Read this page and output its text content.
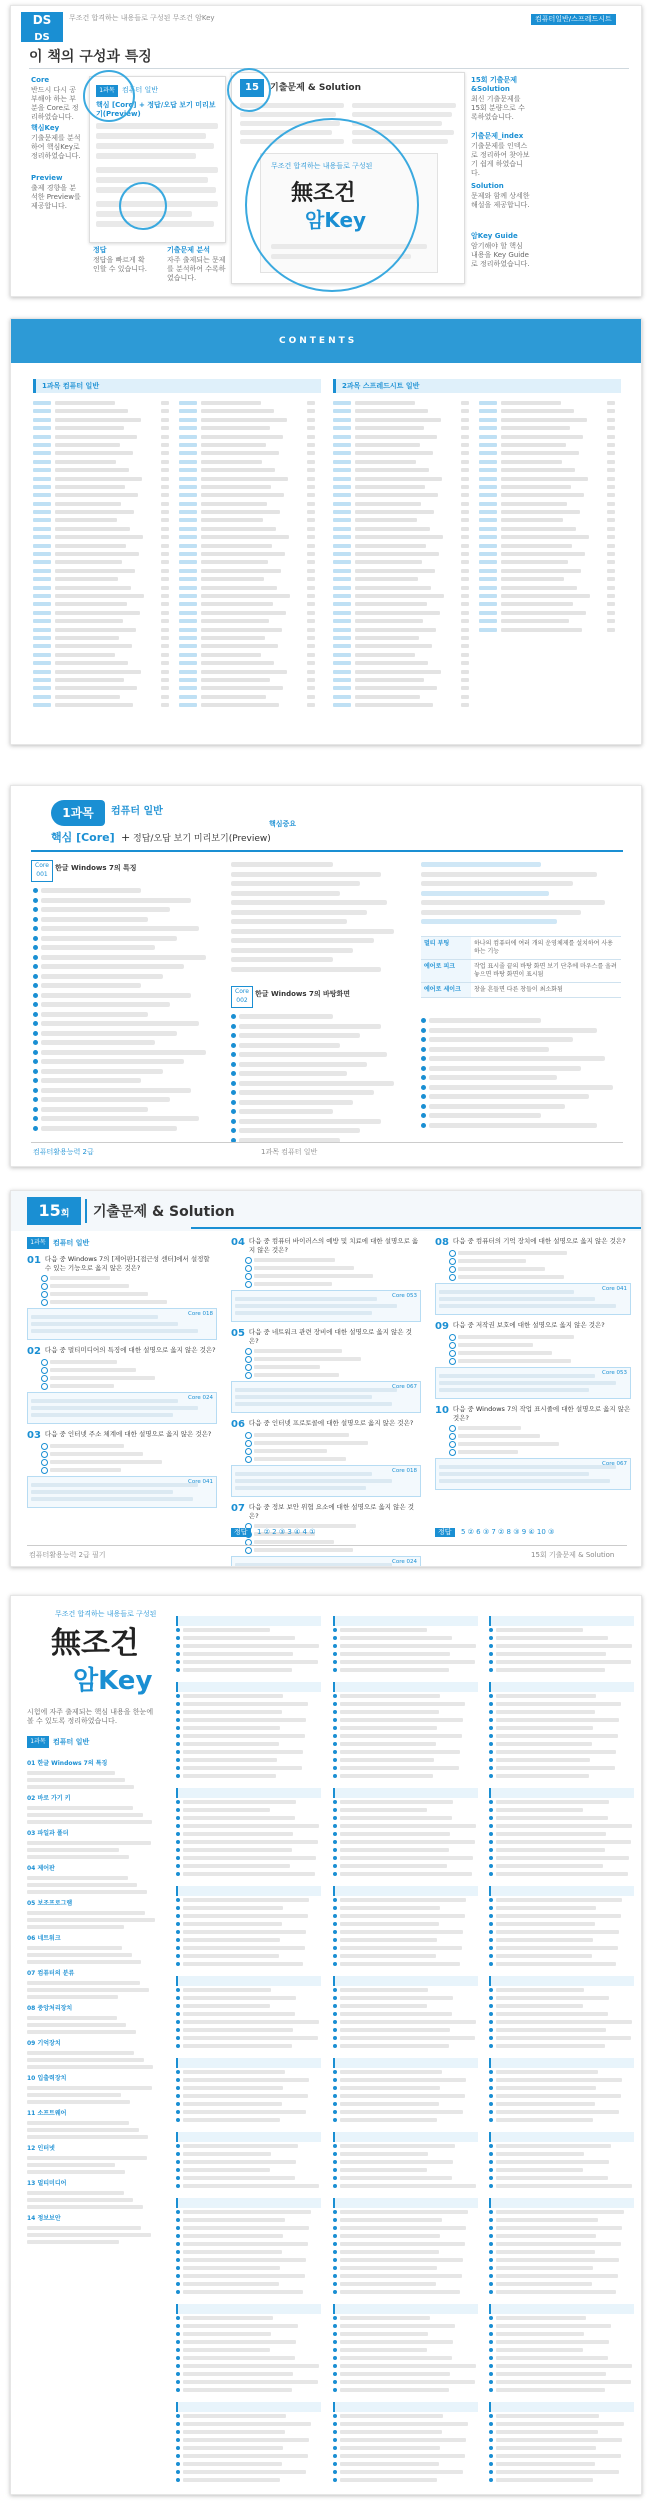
DS
DS
무조건 합격하는 내용들로 구성된 무조건 암Key	컴퓨터일반/스프레드시트
이 책의 구성과 특징
Core
반드시 다시 공부해야 하는 부분을 Core로 정리하였습니다.
핵심Key
기출문제를 분석하여 핵심Key로 정리하였습니다.
Preview
출제 경향을 분석한 Preview를 제공합니다.
1과목	컴퓨터 일반
핵심 [Core] + 정답/오답 보기 미리보기(Preview)
정답
정답을 빠르게 확인할 수 있습니다.
기출문제 분석
자주 출제되는 문제를 분석하여 수록하였습니다.
15	기출문제 & Solution
무조건 합격하는 내용들로 구성된
無조건
암Key
15회 기출문제
&Solution
최신 기출문제를 15회 분량으로 수록하였습니다.
기출문제_index
기출문제를 인덱스로 정리하여 찾아보기 쉽게 하였습니다.
Solution
문제와 함께 상세한 해설을 제공합니다.
암Key Guide
암기해야 할 핵심 내용을 Key Guide로 정리하였습니다.
CONTENTS
1과목 컴퓨터 일반	2과목 스프레드시트 일반
1과목	컴퓨터 일반
핵심 [Core] + 정답/오답 보기 미리보기(Preview)
핵심중요
Core
001
한글 Windows 7의 특징
멀티 부팅	하나의 컴퓨터에 여러 개의 운영체제를 설치하여 사용하는 기능
에어로 피크	작업 표시줄 끝의 바탕 화면 보기 단추에 마우스를 올려 놓으면 바탕 화면이 표시됨
에어로 세이크	창을 흔들면 다른 창들이 최소화됨
Core
002
한글 Windows 7의 바탕화면
컴퓨터활용능력 2급	1과목 컴퓨터 일반
15회	기출문제 & Solution
1과목	컴퓨터 일반
01 다음 중 Windows 7의 [제어판]-[접근성 센터]에서 설정할 수 있는 기능으로 옳지 않은 것은?
Core 018
02 다음 중 멀티미디어의 특징에 대한 설명으로 옳지 않은 것은?
Core 024
03 다음 중 인터넷 주소 체계에 대한 설명으로 옳지 않은 것은?
Core 041
04 다음 중 컴퓨터 바이러스의 예방 및 치료에 대한 설명으로 옳지 않은 것은?
Core 053
05 다음 중 네트워크 관련 장비에 대한 설명으로 옳지 않은 것은?
Core 067
06 다음 중 인터넷 프로토콜에 대한 설명으로 옳지 않은 것은?
Core 018
07 다음 중 정보 보안 위협 요소에 대한 설명으로 옳지 않은 것은?
Core 024
08 다음 중 컴퓨터의 기억 장치에 대한 설명으로 옳지 않은 것은?
Core 041
09 다음 중 저작권 보호에 대한 설명으로 옳지 않은 것은?
Core 053
10 다음 중 Windows 7의 작업 표시줄에 대한 설명으로 옳지 않은 것은?
Core 067
정답	1 ② 2 ③ 3 ④ 4 ①	정답	5 ② 6 ③ 7 ② 8 ③ 9 ④ 10 ③
컴퓨터활용능력 2급 필기	15회 기출문제 & Solution
무조건 합격하는 내용들로 구성된
無조건
암Key
시험에 자주 출제되는 핵심 내용을 한눈에 볼 수 있도록 정리하였습니다.
1과목	컴퓨터 일반
01 한글 Windows 7의 특징
02 바로 가기 키
03 파일과 폴더
04 제어판
05 보조프로그램
06 네트워크
07 컴퓨터의 분류
08 중앙처리장치
09 기억장치
10 입출력장치
11 소프트웨어
12 인터넷
13 멀티미디어
14 정보보안
